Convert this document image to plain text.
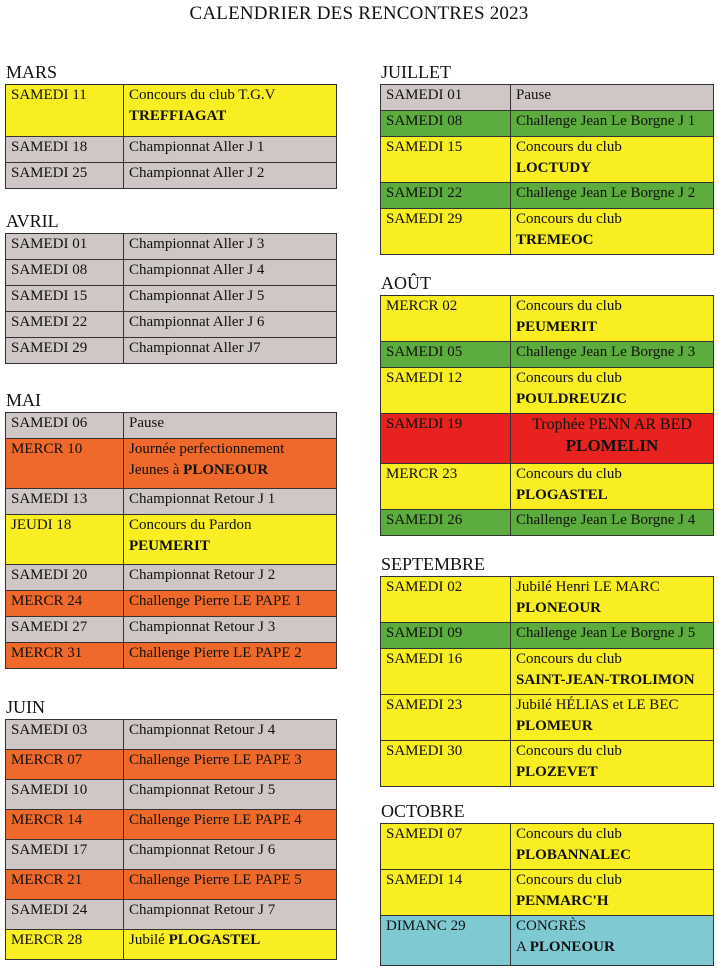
CALENDRIER DES RENCONTRES 2023
MARS
SAMEDI 11	Concours du club T.G.V
TREFFIAGAT

SAMEDI 18	Championnat Aller J 1

SAMEDI 25	Championnat Aller J 2
AVRIL
SAMEDI 01	Championnat Aller J 3

SAMEDI 08	Championnat Aller J 4

SAMEDI 15	Championnat Aller J 5

SAMEDI 22	Championnat Aller J 6

SAMEDI 29	Championnat Aller J7
MAI
SAMEDI 06	Pause

MERCR 10	Journée perfectionnement
Jeunes à PLONEOUR

SAMEDI 13	Championnat Retour J 1

JEUDI 18	Concours du Pardon
PEUMERIT

SAMEDI 20	Championnat Retour J 2

MERCR 24	Challenge Pierre LE PAPE 1

SAMEDI 27	Championnat Retour J 3

MERCR 31	Challenge Pierre LE PAPE 2
JUIN
SAMEDI 03	Championnat Retour J 4

MERCR 07	Challenge Pierre LE PAPE 3

SAMEDI 10	Championnat Retour J 5

MERCR 14	Challenge Pierre LE PAPE 4

SAMEDI 17	Championnat Retour J 6

MERCR 21	Challenge Pierre LE PAPE 5

SAMEDI 24	Championnat Retour J 7

MERCR 28	Jubilé PLOGASTEL
JUILLET
SAMEDI 01	Pause

SAMEDI 08	Challenge Jean Le Borgne J 1

SAMEDI 15	Concours du club
LOCTUDY

SAMEDI 22	Challenge Jean Le Borgne J 2

SAMEDI 29	Concours du club
TREMEOC
AOÛT
MERCR 02	Concours du club
PEUMERIT

SAMEDI 05	Challenge Jean Le Borgne J 3

SAMEDI 12	Concours du club
POULDREUZIC

SAMEDI 19	Trophée PENN AR BED
PLOMELIN

MERCR 23	Concours du club
PLOGASTEL

SAMEDI 26	Challenge Jean Le Borgne J 4
SEPTEMBRE
SAMEDI 02	Jubilé Henri LE MARC
PLONEOUR

SAMEDI 09	Challenge Jean Le Borgne J 5

SAMEDI 16	Concours du club
SAINT-JEAN-TROLIMON

SAMEDI 23	Jubilé HÉLIAS et LE BEC
PLOMEUR

SAMEDI 30	Concours du club
PLOZEVET
OCTOBRE
SAMEDI 07	Concours du club
PLOBANNALEC

SAMEDI 14	Concours du club
PENMARC'H

DIMANC 29	CONGRÈS
A PLONEOUR
